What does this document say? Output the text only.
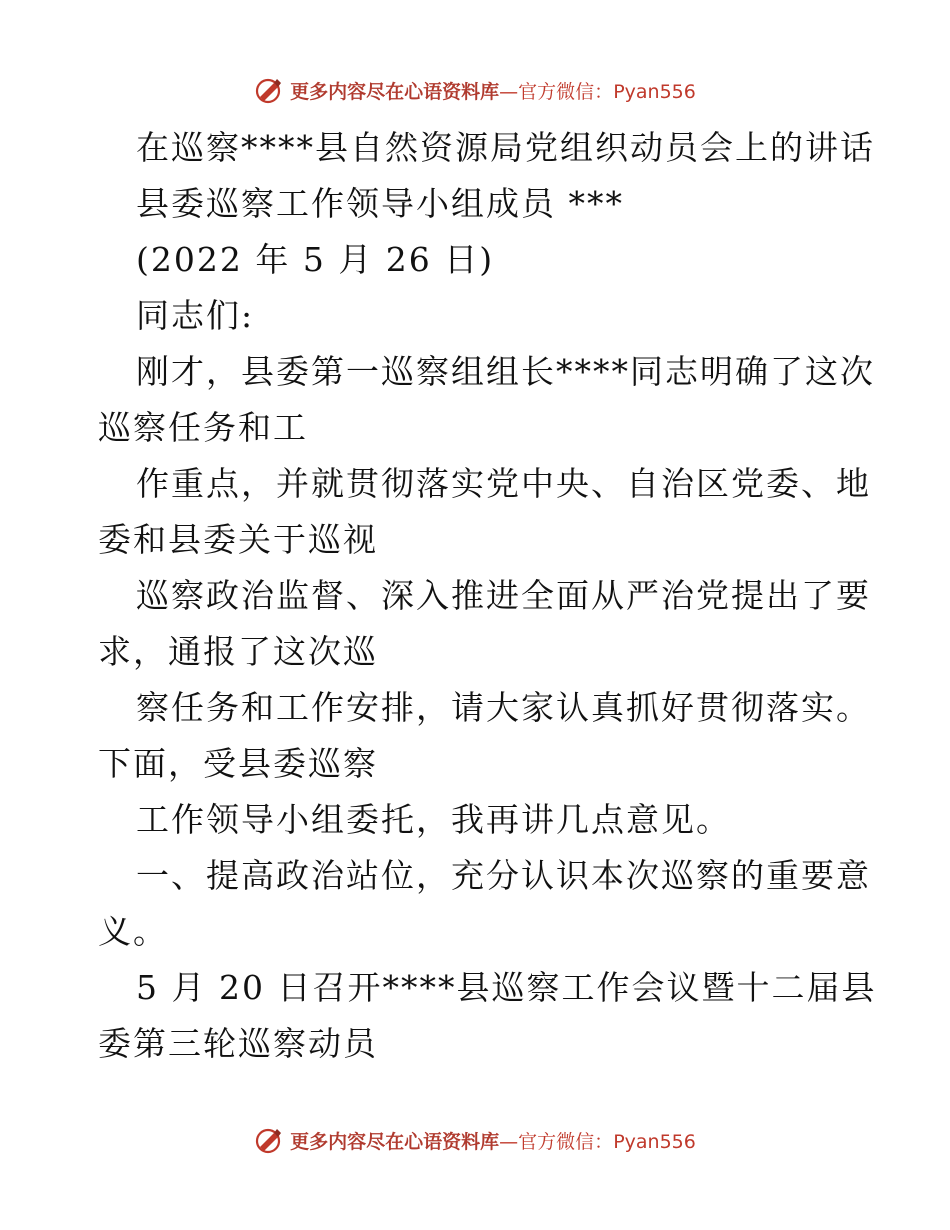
更多内容尽在心语资料库—官方微信：Pyan556
在巡察****县自然资源局党组织动员会上的讲话
县委巡察工作领导小组成员 ***
(2022 年 5 月 26 日)
同志们:
刚才，县委第一巡察组组长****同志明确了这次
巡察任务和工
作重点，并就贯彻落实党中央、自治区党委、地
委和县委关于巡视
巡察政治监督、深入推进全面从严治党提出了要
求，通报了这次巡
察任务和工作安排，请大家认真抓好贯彻落实。
下面，受县委巡察
工作领导小组委托，我再讲几点意见。
一、提高政治站位，充分认识本次巡察的重要意
义。
5 月 20 日召开****县巡察工作会议暨十二届县
委第三轮巡察动员
更多内容尽在心语资料库—官方微信：Pyan556
